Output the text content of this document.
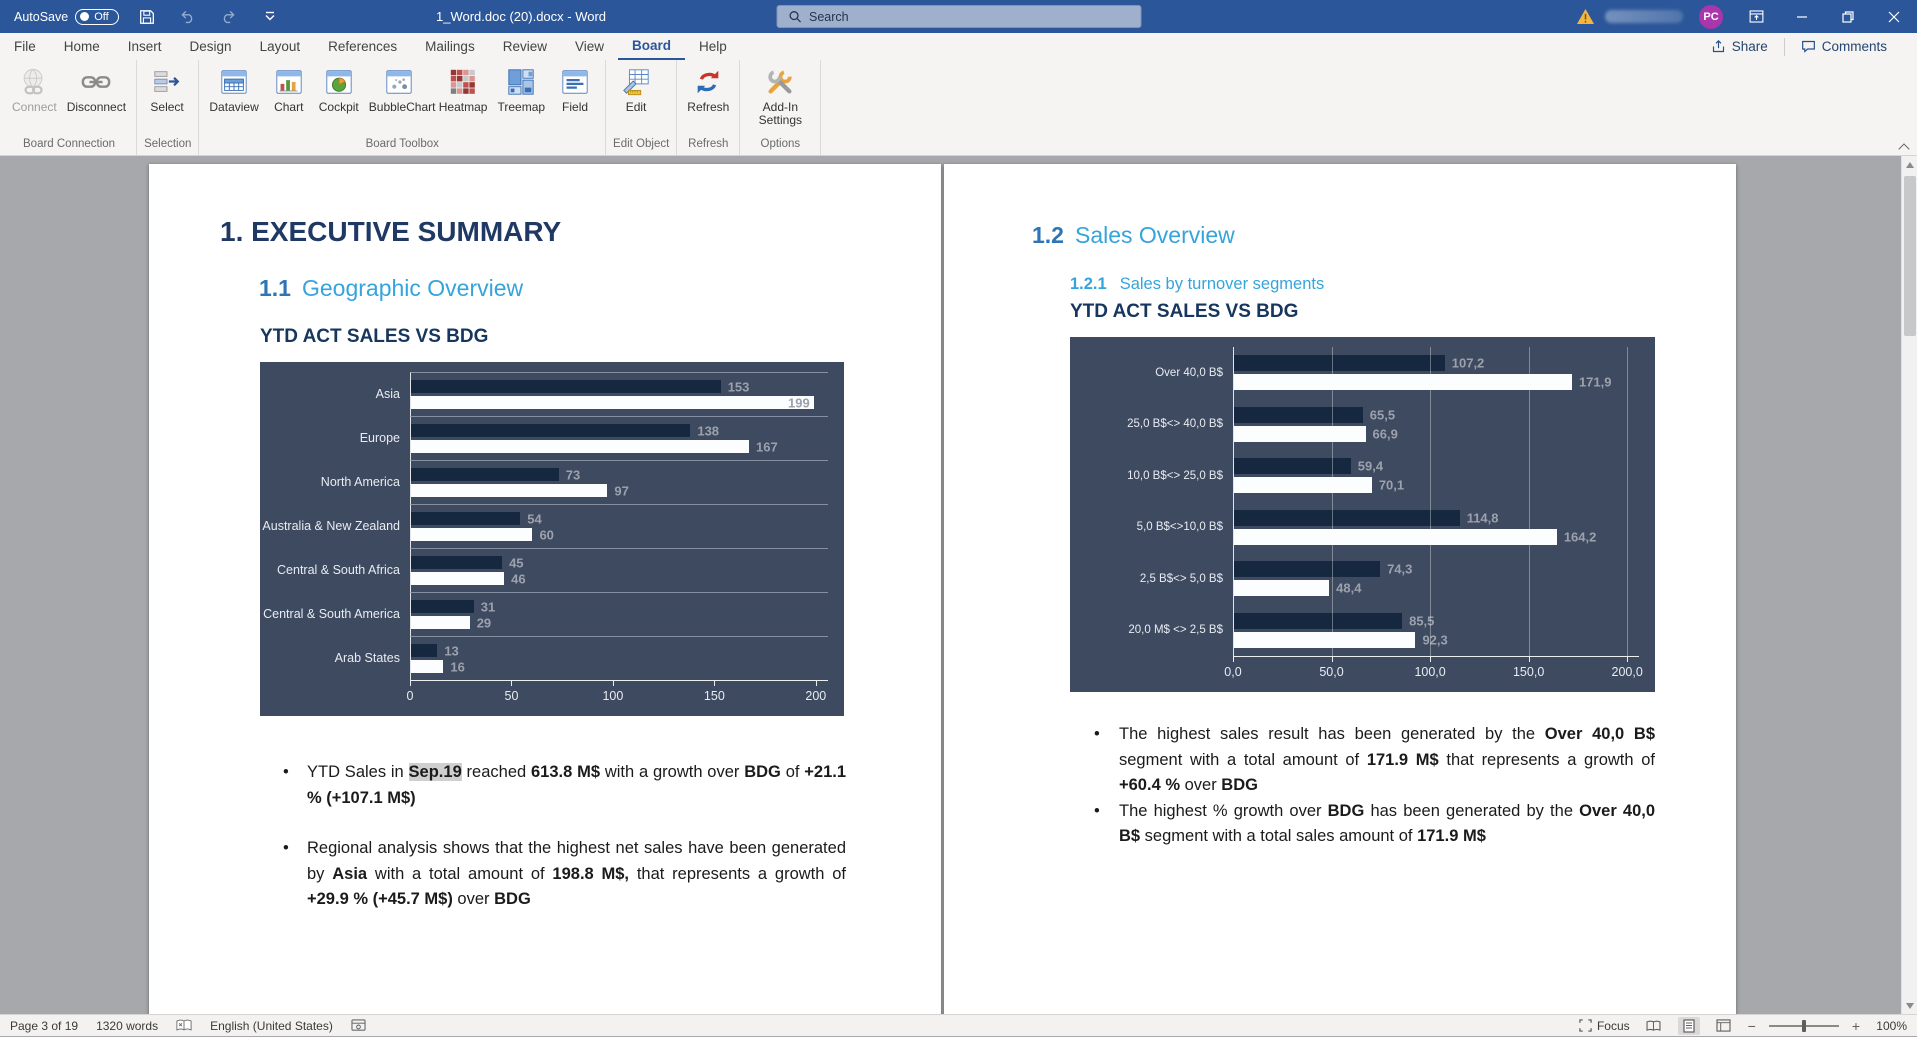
AutoSave Off	1_Word.doc (20).docx - Word	Search	PC
File	Home	Insert	Design	Layout	References	Mailings	Review	View	Board	Help	Share	Comments
Connect Disconnect
Board Connection
Select
Selection
Dataview Chart Cockpit BubbleChart Heatmap Treemap Field
Board Toolbox
Edit
Edit Object
Refresh
Refresh
Add-In Settings
Options
1. EXECUTIVE SUMMARY
1.1 Geographic Overview
YTD ACT SALES VS BDG
Asia	153
199
Europe	138
167
North America	73
97
Australia & New Zealand	54
60
Central & South Africa	45
46
Central & South America	31
29
Arab States	13
16
0	50	100	150	200
• YTD Sales in Sep.19 reached 613.8 M$ with a growth over BDG of +21.1 % (+107.1 M$)
• Regional analysis shows that the highest net sales have been generated by Asia with a total amount of 198.8 M$, that represents a growth of +29.9 % (+45.7 M$) over BDG
1.2 Sales Overview
1.2.1 Sales by turnover segments
YTD ACT SALES VS BDG
Over 40,0 B$
107,2
171,9
25,0 B$<> 40,0 B$
65,5
66,9
10,0 B$<> 25,0 B$
59,4
70,1
5,0 B$<>10,0 B$
114,8
164,2
2,5 B$<> 5,0 B$
74,3
48,4
20,0 M$ <> 2,5 B$
85,5
92,3
0,0	50,0	100,0	150,0	200,0
• The highest sales result has been generated by the Over 40,0 B$ segment with a total amount of 171.9 M$ that represents a growth of +60.4 % over BDG
• The highest % growth over BDG has been generated by the Over 40,0 B$ segment with a total sales amount of 171.9 M$
Page 3 of 19 1320 words	English (United States)	Focus	−	+ 100%
